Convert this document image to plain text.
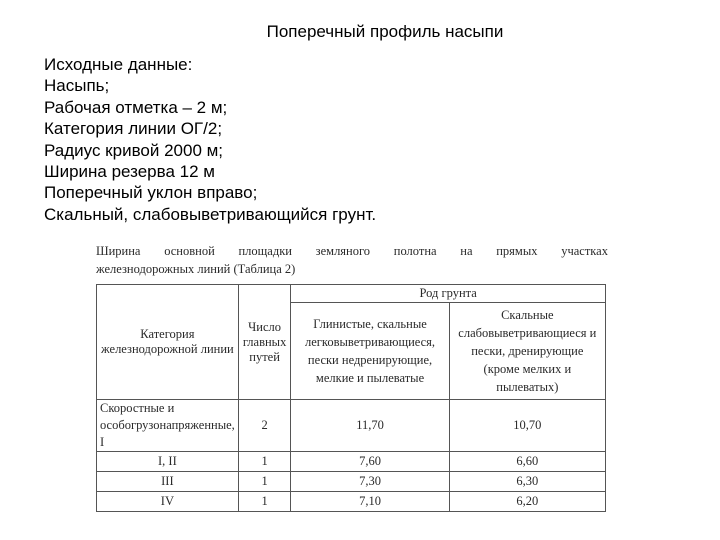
Поперечный профиль насыпи
Исходные данные:
Насыпь;
Рабочая отметка – 2 м;
Категория линии ОГ/2;
Радиус кривой 2000 м;
Ширина резерва 12 м
Поперечный уклон вправо;
Скальный, слабовыветривающийся грунт.
Ширина основной площадки земляного полотна на прямых участках
железнодорожных линий (Таблица 2)
Категория железнодорожной линии	Число главных путей	Род грунта	
		Глинистые, скальные легковыветривающиеся, пески недренирующие, мелкие и пылеватые	Скальные слабовыветривающиеся и пески, дренирующие (кроме мелких и пылеватых)
Скоростные и особогрузонапряженные, I	2	11,70	10,70
I, II	1	7,60	6,60
III	1	7,30	6,30
IV	1	7,10	6,20
